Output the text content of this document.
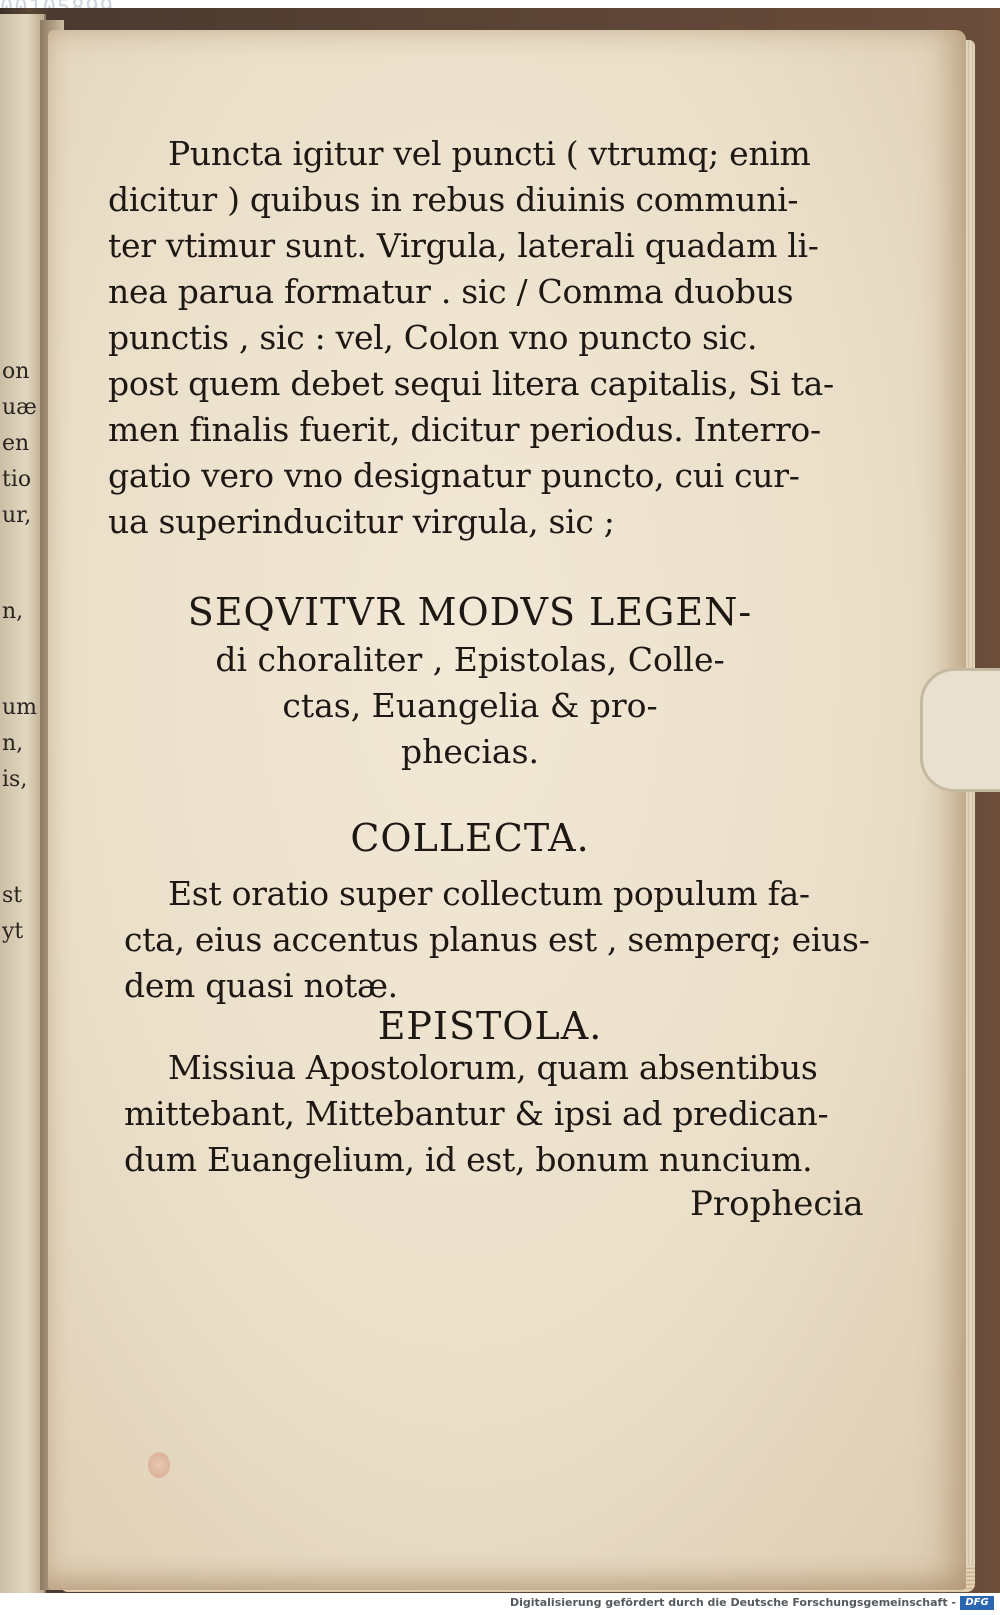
on
uæ
en
tio
ur,
n,
um
n,
is,
st
yt

Puncta igitur vel puncti ( vtrumq; enim
dicitur ) quibus in rebus diuinis communi-
ter vtimur sunt. Virgula, laterali quadam li-
nea parua formatur . sic / Comma duobus
punctis , sic : vel, Colon vno puncto sic.
post quem debet sequi litera capitalis, Si ta-
men finalis fuerit, dicitur periodus. Interro-
gatio vero vno designatur puncto, cui cur-
ua superinducitur virgula, sic ;
SEQVITVR MODVS LEGEN-
di choraliter , Epistolas, Colle-
ctas, Euangelia & pro-
phecias.
COLLECTA.
Est oratio super collectum populum fa-
cta, eius accentus planus est , semperq; eius-
dem quasi notæ.
EPISTOLA.
Missiua Apostolorum, quam absentibus
mittebant, Mittebantur & ipsi ad predican-
dum Euangelium, id est, bonum nuncium.
Prophecia
Digitalisierung gefördert durch die Deutsche Forschungsgemeinschaft - DFG
